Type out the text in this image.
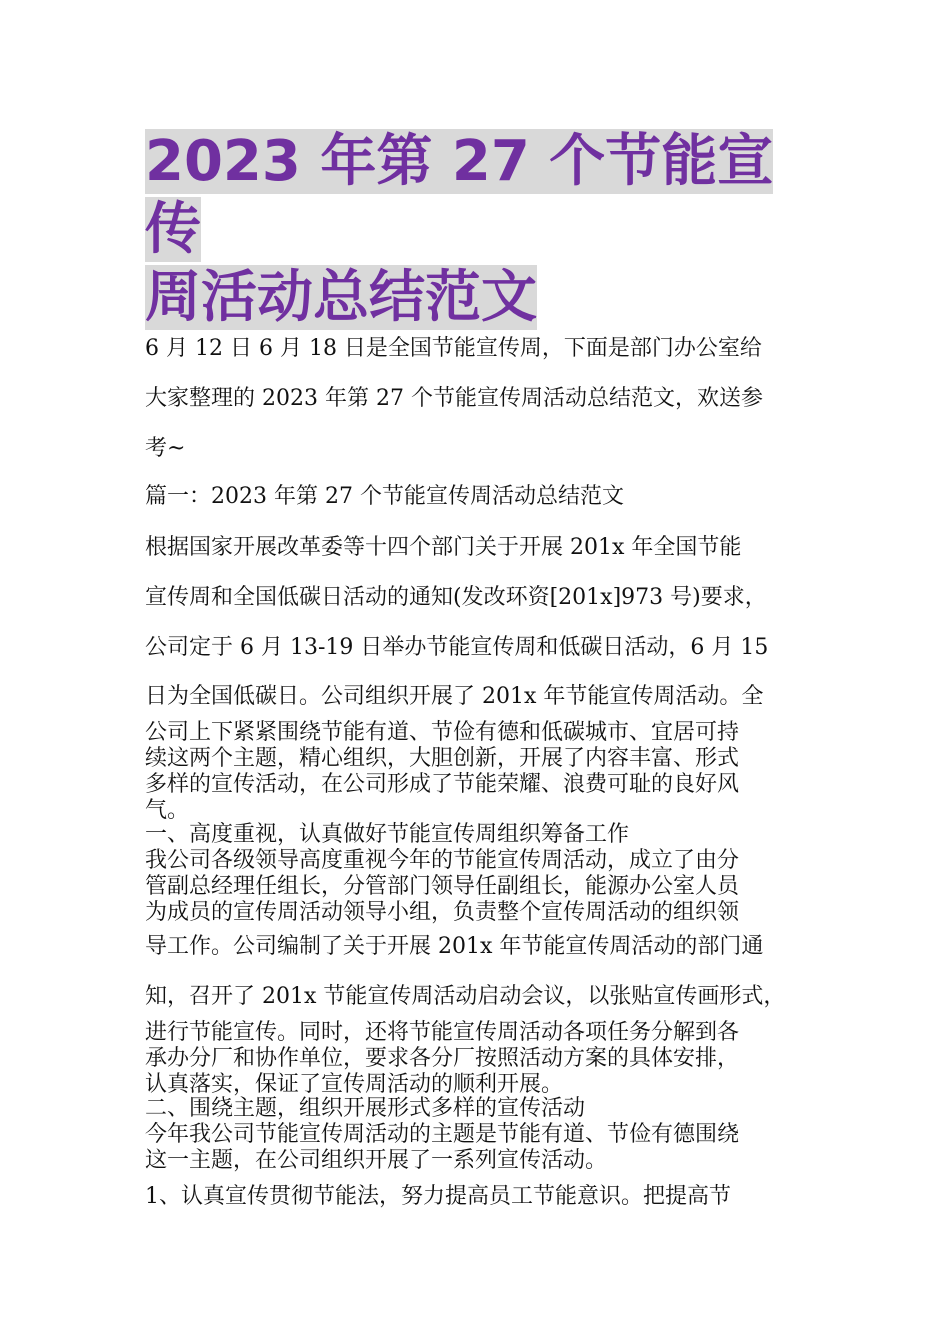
2023 年第 27 个节能宣传
周活动总结范文

6 月 12 日 6 月 18 日是全国节能宣传周，下面是部门办公室给

大家整理的 2023 年第 27 个节能宣传周活动总结范文，欢送参

考~

篇一：2023 年第 27 个节能宣传周活动总结范文

根据国家开展改革委等十四个部门关于开展 201x 年全国节能

宣传周和全国低碳日活动的通知(发改环资[201x]973 号)要求，

公司定于 6 月 13-19 日举办节能宣传周和低碳日活动，6 月 15

日为全国低碳日。公司组织开展了 201x 年节能宣传周活动。全

公司上下紧紧围绕节能有道、节俭有德和低碳城市、宜居可持

续这两个主题，精心组织，大胆创新，开展了内容丰富、形式

多样的宣传活动，在公司形成了节能荣耀、浪费可耻的良好风

气。

一、高度重视，认真做好节能宣传周组织筹备工作

我公司各级领导高度重视今年的节能宣传周活动，成立了由分

管副总经理任组长，分管部门领导任副组长，能源办公室人员

为成员的宣传周活动领导小组，负责整个宣传周活动的组织领

导工作。公司编制了关于开展 201x 年节能宣传周活动的部门通

知，召开了 201x 节能宣传周活动启动会议，以张贴宣传画形式，

进行节能宣传。同时，还将节能宣传周活动各项任务分解到各

承办分厂和协作单位，要求各分厂按照活动方案的具体安排，

认真落实，保证了宣传周活动的顺利开展。

二、围绕主题，组织开展形式多样的宣传活动

今年我公司节能宣传周活动的主题是节能有道、节俭有德围绕

这一主题，在公司组织开展了一系列宣传活动。

1、认真宣传贯彻节能法，努力提高员工节能意识。把提高节
